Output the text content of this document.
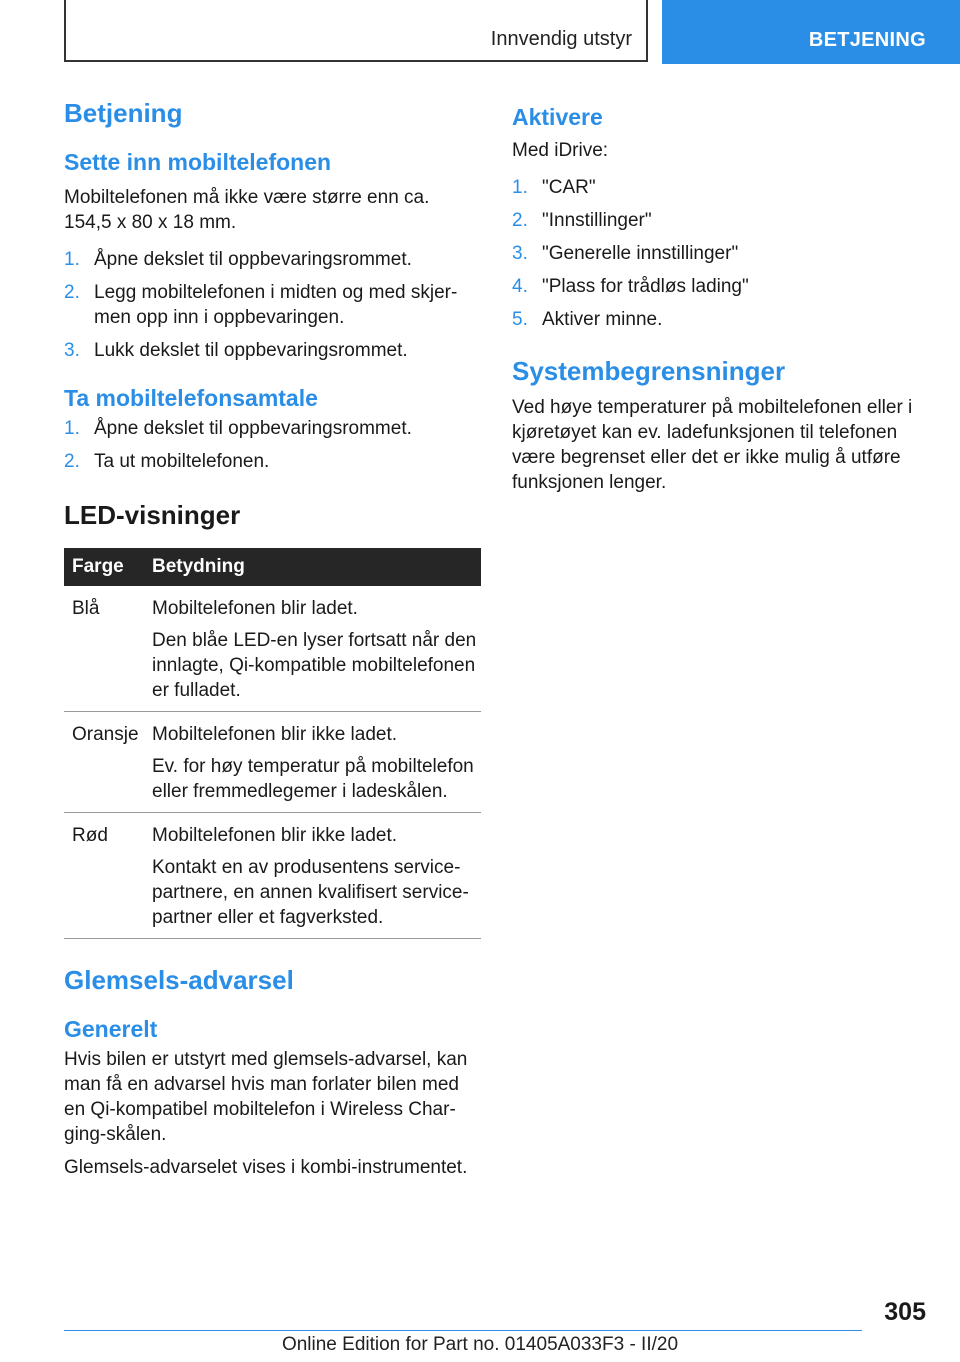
Innvendig utstyr	BETJENING
Betjening
Sette inn mobiltelefonen

Mobiltelefonen må ikke være større enn ca. 154,5 x 80 x 18 mm.

1. Åpne dekslet til oppbevaringsrommet.
2. Legg mobiltelefonen i midten og med skjermen opp inn i oppbevaringen.
3. Lukk dekslet til oppbevaringsrommet.
Ta mobiltelefonsamtale
1. Åpne dekslet til oppbevaringsrommet.
2. Ta ut mobiltelefonen.
LED-visninger
Farge	Betydning
Blå	Mobiltelefonen blir ladet.
Den blåe LED-en lyser fortsatt når den innlagte, Qi-kompatible mobiltelefonen er fulladet.

Oransje	Mobiltelefonen blir ikke ladet.
Ev. for høy temperatur på mobiltelefon eller fremmedlegemer i ladeskålen.

Rød	Mobiltelefonen blir ikke ladet.
Kontakt en av produsentens servicepartnere, en annen kvalifisert servicepartner eller et fagverksted.
Glemsels-advarsel
Generelt

Hvis bilen er utstyrt med glemsels-advarsel, kan man få en advarsel hvis man forlater bilen med en Qi-kompatibel mobiltelefon i Wireless Charging-skålen.

Glemsels-advarselet vises i kombi-instrumentet.

Aktivere

Med iDrive:

1. "CAR"
2. "Innstillinger"
3. "Generelle innstillinger"
4. "Plass for trådløs lading"
5. Aktiver minne.
Systembegrensninger

Ved høye temperaturer på mobiltelefonen eller i kjøretøyet kan ev. ladefunksjonen til telefonen være begrenset eller det er ikke mulig å utføre funksjonen lenger.

305
Online Edition for Part no. 01405A033F3 - II/20
